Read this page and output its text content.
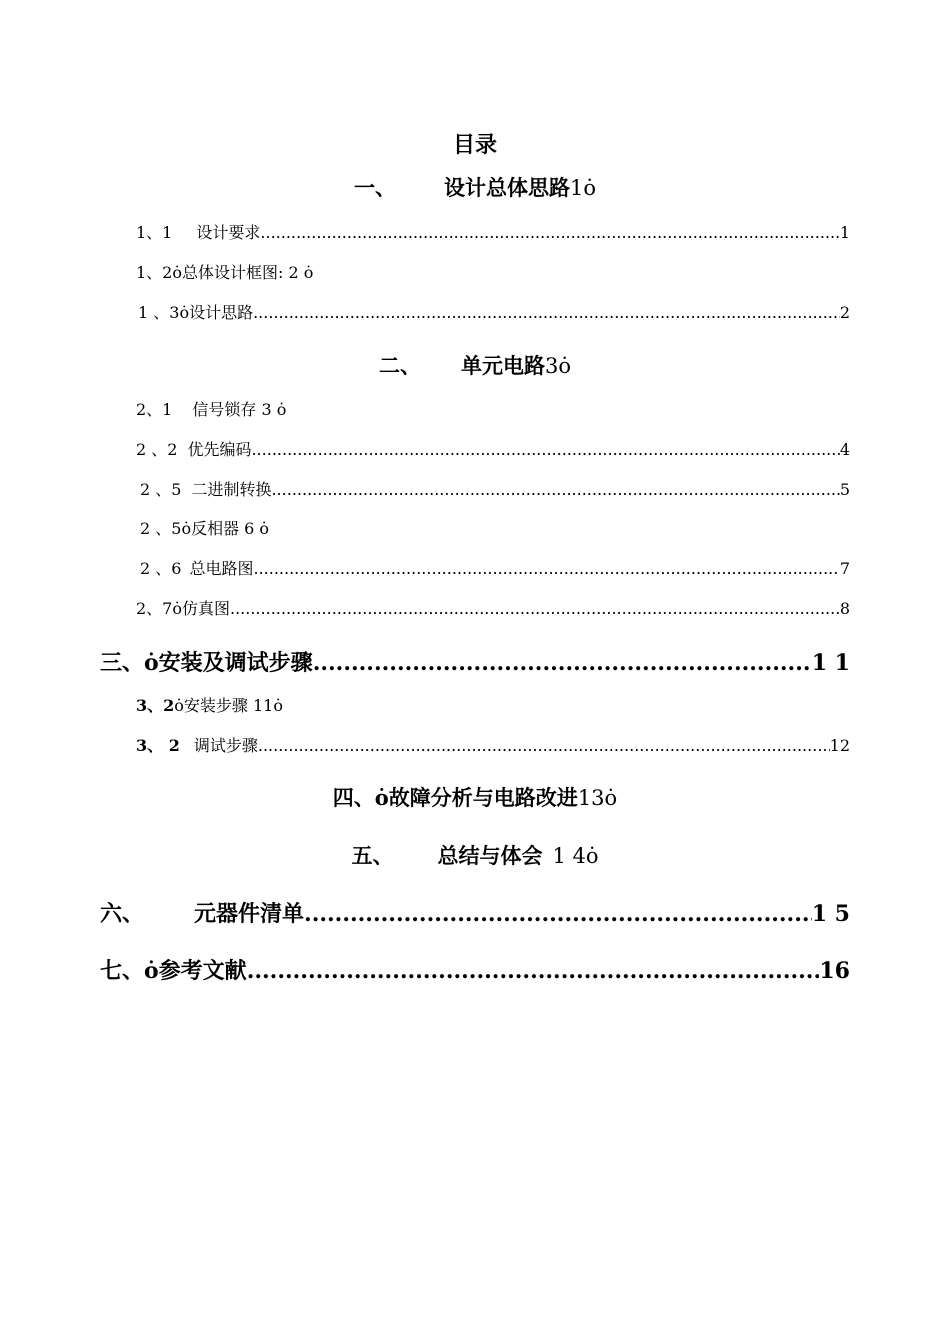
目录
一、 设计总体思路1ȯ
1、1 设计要求 .....	1
1、2ȯ总体设计框图: 2 ȯ
1 、3ȯ设计思路 .....	2
二、 单元电路3ȯ
2、1 信号锁存 3 ȯ
2 、2 优先编码 .....	4
2 、5 二进制转换 .....	5
2 、5ȯ反相器 6 ȯ
2 、6 总电路图 .....	7
2、7ȯ仿真图 .....	8
三、ȯ安装及调试步骤 .....	1 1
3、2ȯ安装步骤 11ȯ
3、 2 调试步骤 .....	12
四、ȯ故障分析与电路改进13ȯ
五、 总结与体会 1 4ȯ
六、 元器件清单 .....	1 5
七、ȯ参考文献 .....	16
